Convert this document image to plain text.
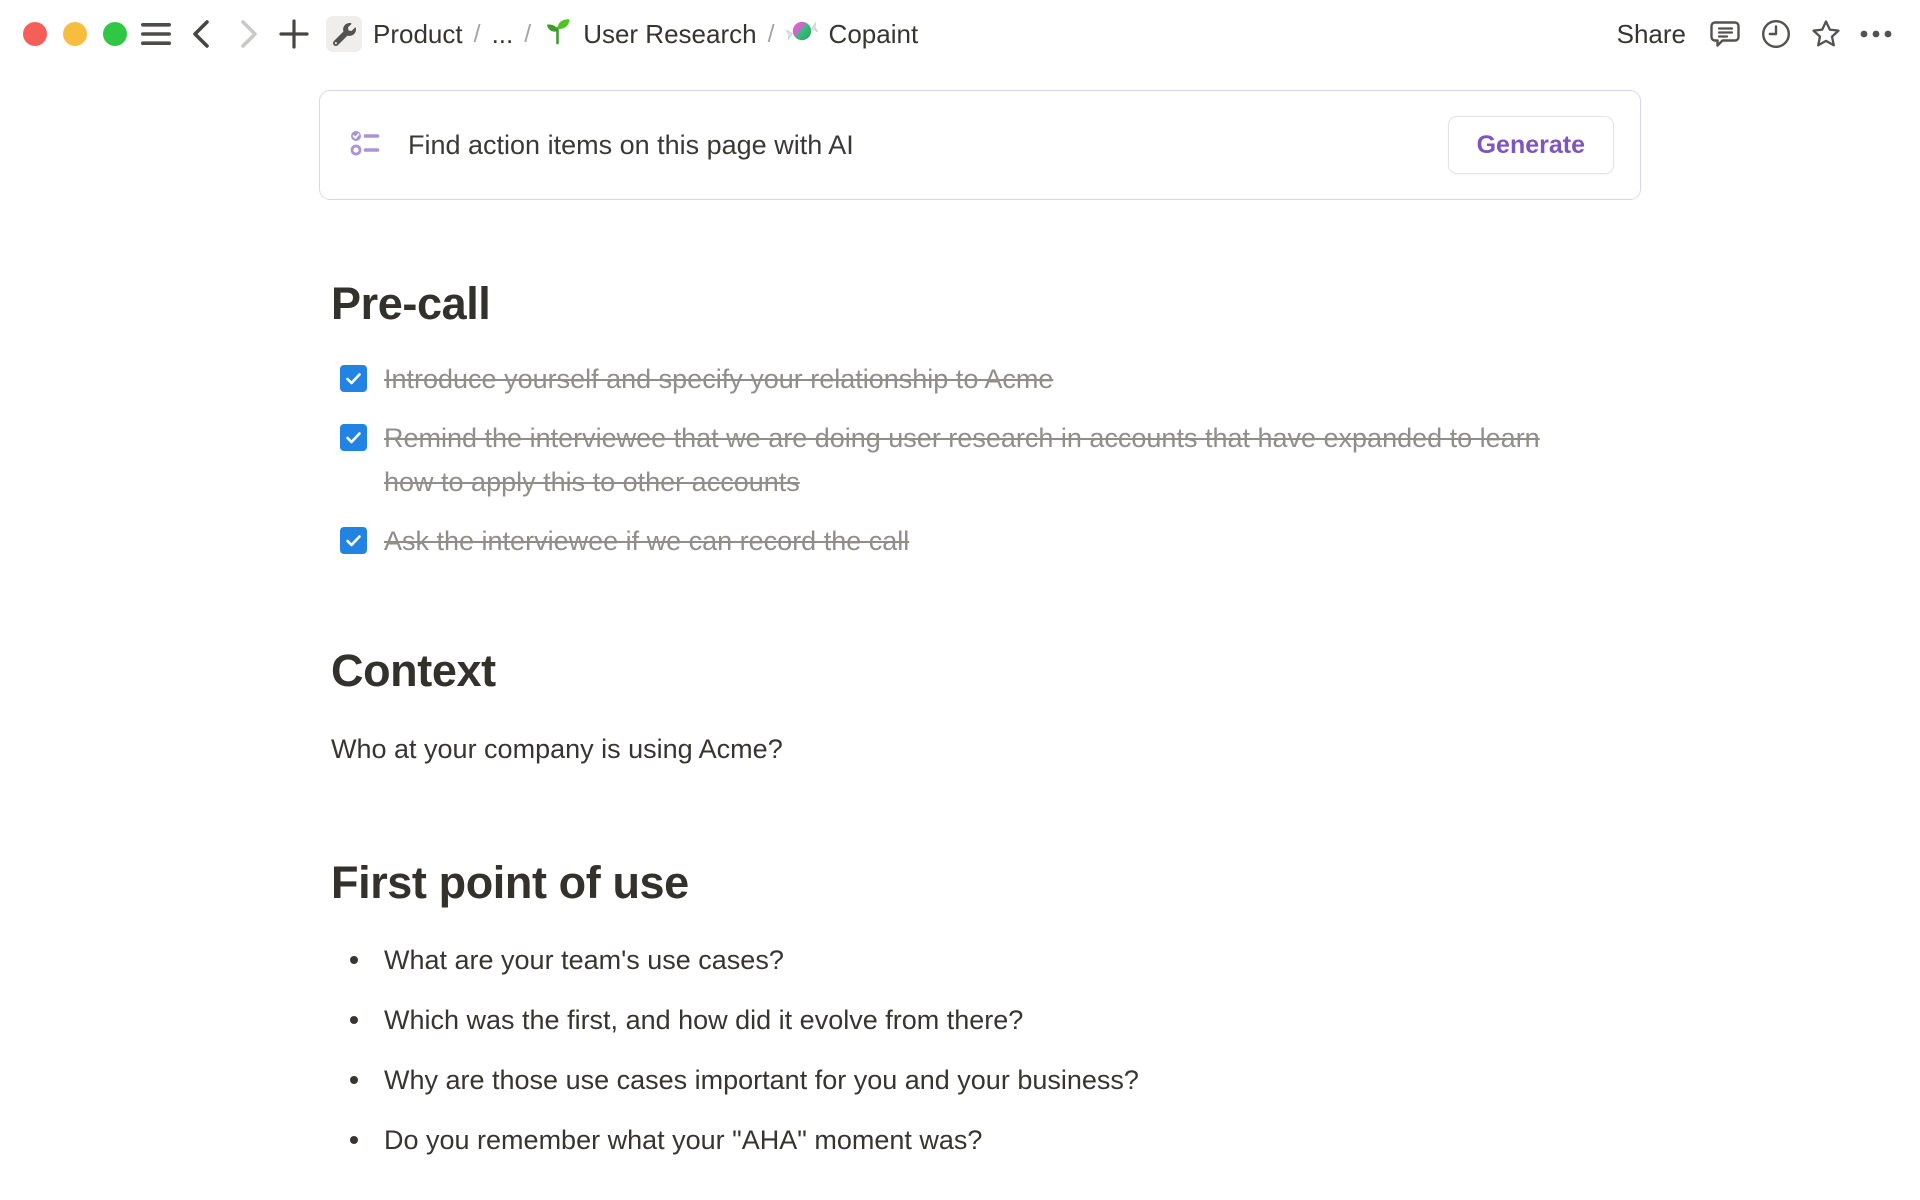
Product / ... / User Research / Copaint	Share
Find action items on this page with AI	Generate
Pre-call
Introduce yourself and specify your relationship to Acme
Remind the interviewee that we are doing user research in accounts that have expanded to learn how to apply this to other accounts
Ask the interviewee if we can record the call
Context

Who at your company is using Acme?

First point of use
What are your team's use cases?
Which was the first, and how did it evolve from there?
Why are those use cases important for you and your business?
Do you remember what your "AHA" moment was?
